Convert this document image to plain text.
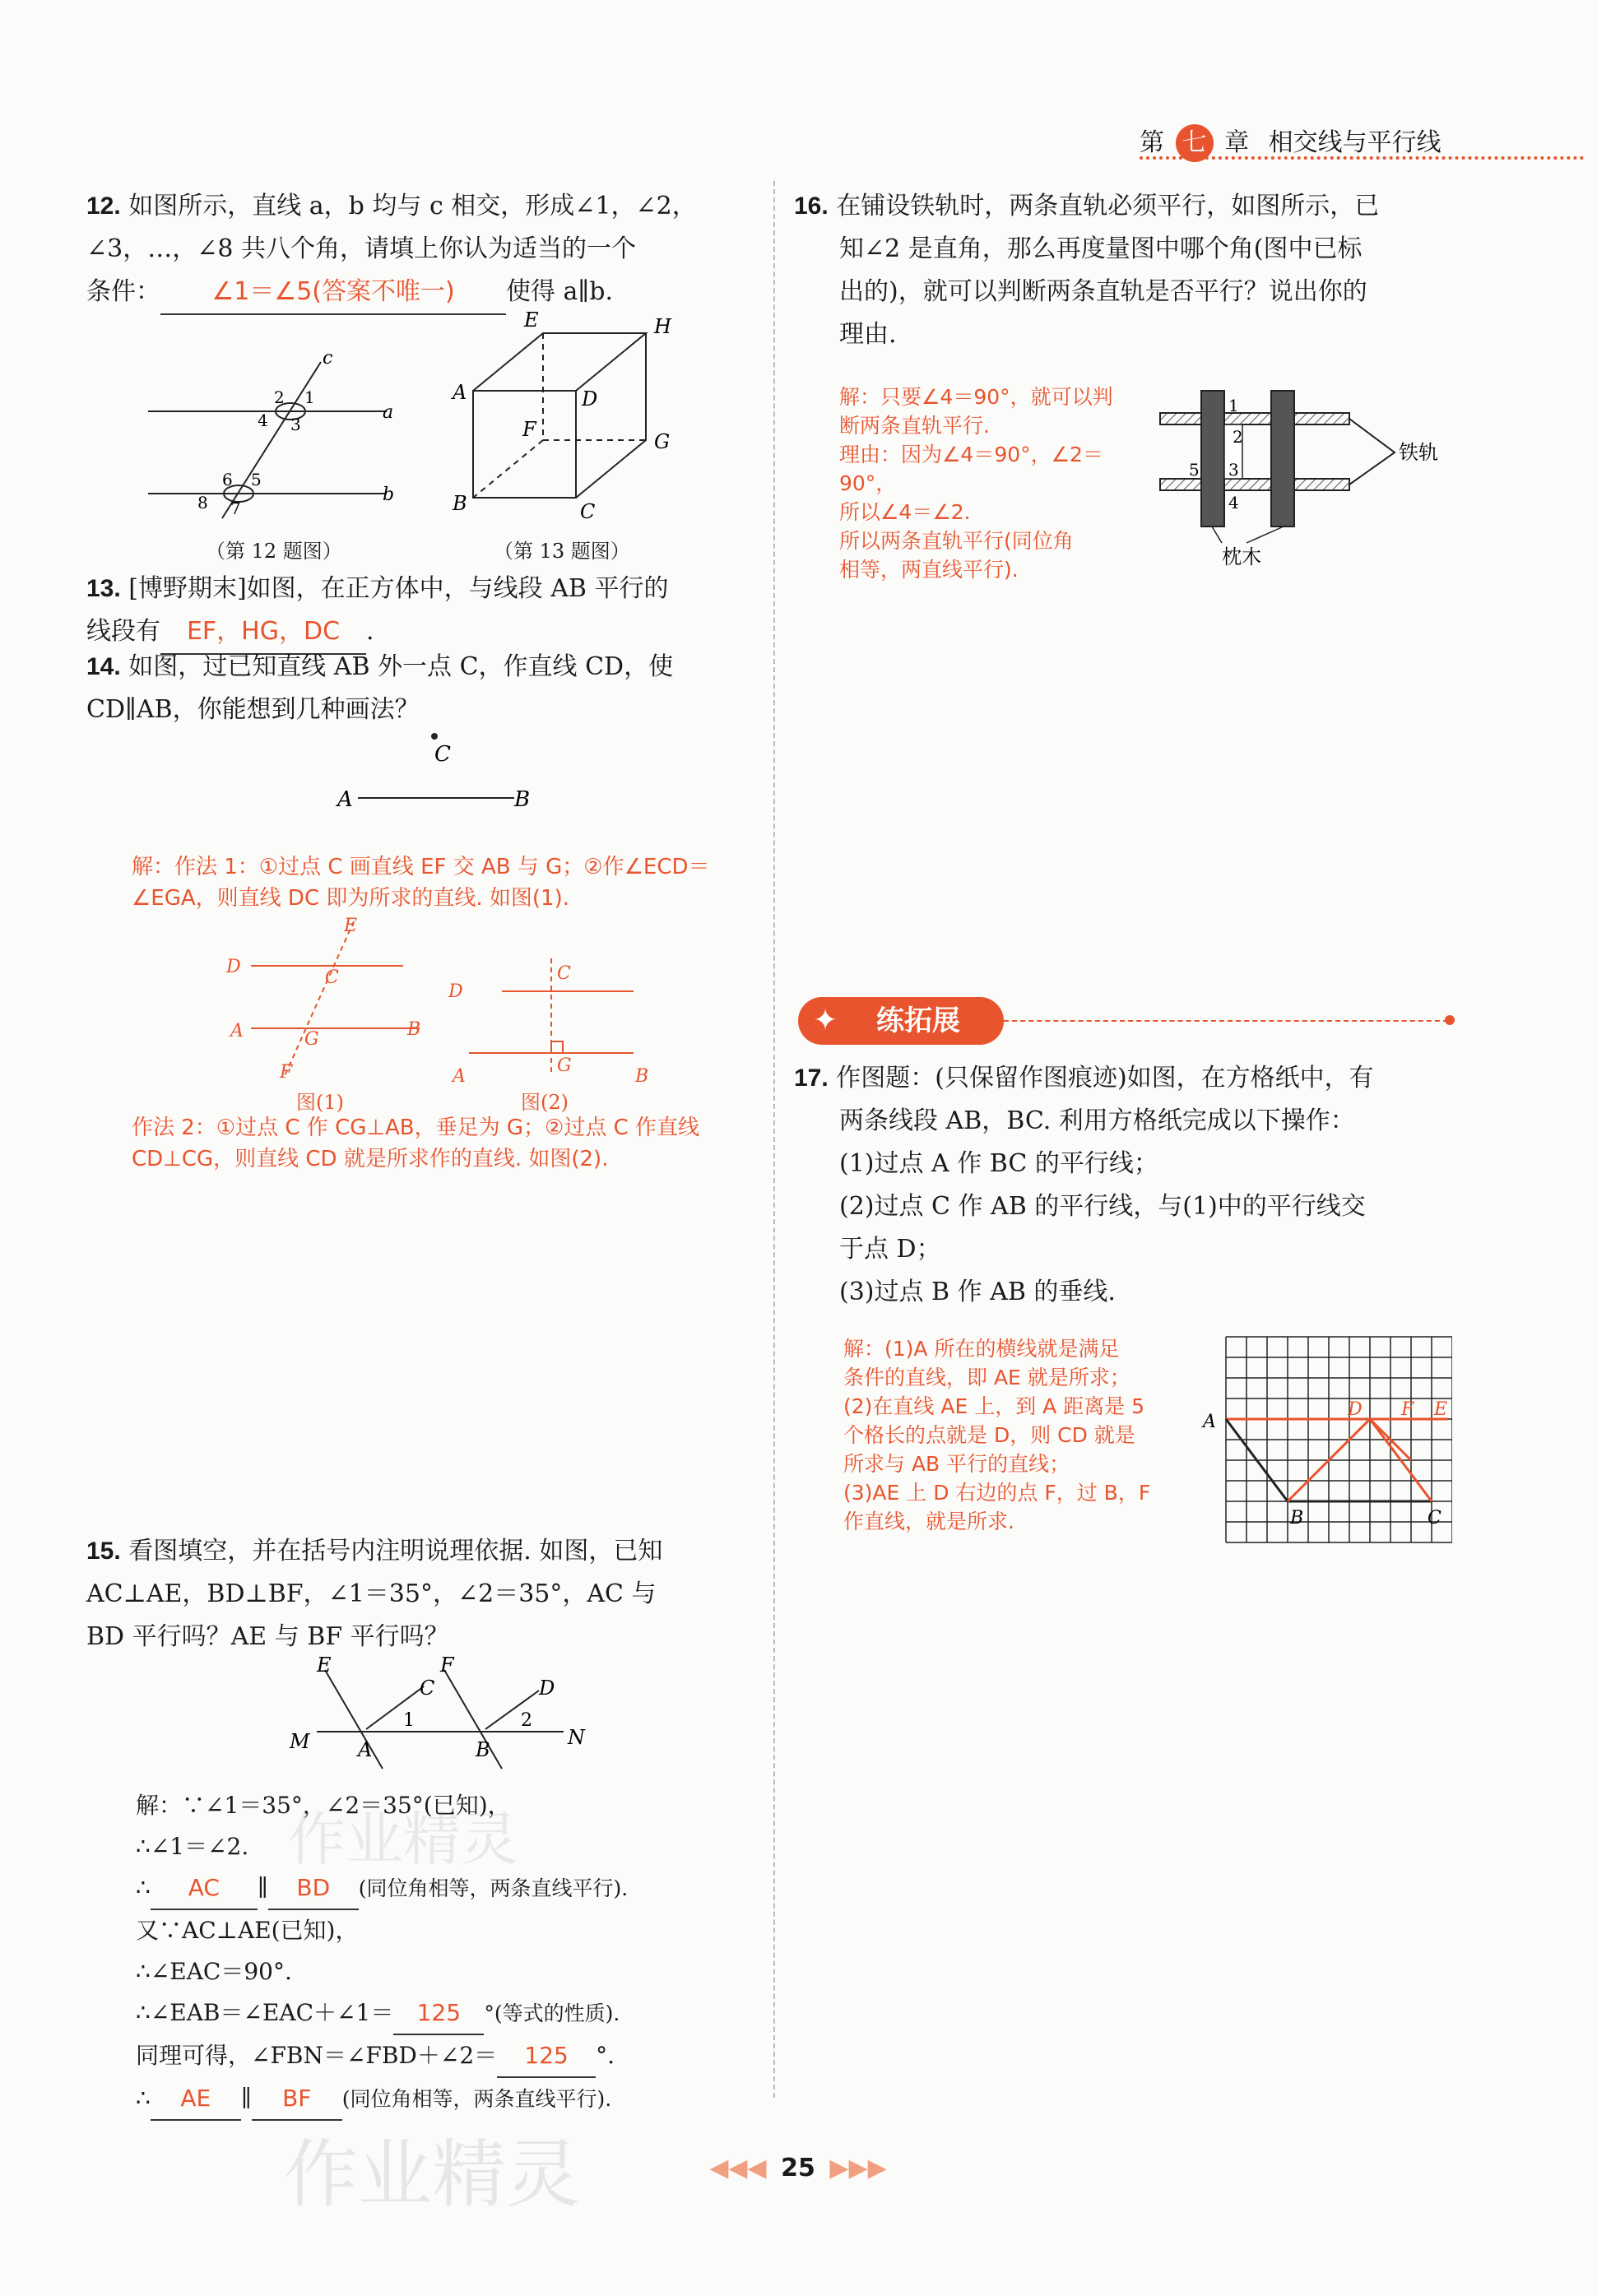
第 七 章 相交线与平行线
12. 如图所示，直线 a，b 均与 c 相交，形成∠1，∠2，
∠3，…，∠8 共八个角，请填上你认为适当的一个
条件： ∠1＝∠5(答案不唯一) 使得 a∥b.
c
a
b
2 1
4 3
6 5
8 7
（第 12 题图）
E	H
A	D
F
G
B	C
（第 13 题图）
13. [博野期末]如图，在正方体中，与线段 AB 平行的
线段有 EF，HG，DC .
14. 如图，过已知直线 AB 外一点 C，作直线 CD，使
CD∥AB，你能想到几种画法？
C
A	B
解：作法 1：①过点 C 画直线 EF 交 AB 与 G；②作∠ECD＝
∠EGA，则直线 DC 即为所求的直线. 如图(1).
E
D
C
A	G	B
F
图(1)
C
D
A
G
B
图(2)
作法 2：①过点 C 作 CG⊥AB，垂足为 G；②过点 C 作直线
CD⊥CG，则直线 CD 就是所求作的直线. 如图(2).
15. 看图填空，并在括号内注明说理依据. 如图，已知
AC⊥AE，BD⊥BF，∠1＝35°，∠2＝35°，AC 与
BD 平行吗？AE 与 BF 平行吗？
E	F
C	D
M A	B
N
1	2
解：∵∠1＝35°，∠2＝35°(已知)，
∴∠1＝∠2.
∴ AC ∥ BD (同位角相等，两条直线平行).
又∵AC⊥AE(已知)，
∴∠EAC＝90°.
∴∠EAB＝∠EAC＋∠1＝ 125 °(等式的性质).
同理可得，∠FBN＝∠FBD＋∠2＝ 125 °.
∴ AE ∥ BF (同位角相等，两条直线平行).
16. 在铺设铁轨时，两条直轨必须平行，如图所示，已
知∠2 是直角，那么再度量图中哪个角(图中已标
出的)，就可以判断两条直轨是否平行？说出你的
理由.
解：只要∠4＝90°，就可以判
断两条直轨平行.
理由：因为∠4＝90°，∠2＝
90°，
所以∠4＝∠2.
所以两条直轨平行(同位角
相等，两直线平行).
铁轨
1
2
5 3
4
枕木
✦	练拓展
17. 作图题：(只保留作图痕迹)如图，在方格纸中，有
两条线段 AB，BC. 利用方格纸完成以下操作：
(1)过点 A 作 BC 的平行线；
(2)过点 C 作 AB 的平行线，与(1)中的平行线交
于点 D；
(3)过点 B 作 AB 的垂线.
解：(1)A 所在的横线就是满足
条件的直线，即 AE 就是所求；
(2)在直线 AE 上，到 A 距离是 5
个格长的点就是 D，则 CD 就是
所求与 AB 平行的直线；
(3)AE 上 D 右边的点 F，过 B，F
作直线，就是所求.
A
B	C
D F E
◀◀◀ 25 ▶▶▶
作业精灵
作业精灵
